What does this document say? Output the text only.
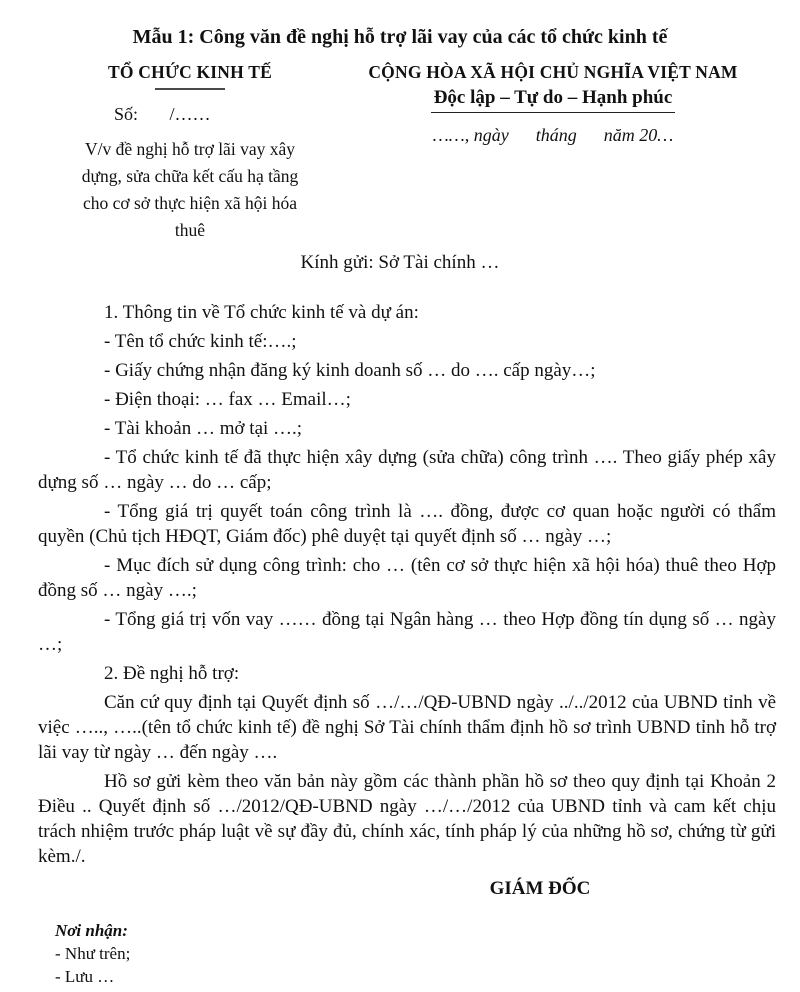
Mẫu 1: Công văn đề nghị hỗ trợ lãi vay của các tổ chức kinh tế
TỔ CHỨC KINH TẾ
Số:       /……
V/v đề nghị hỗ trợ lãi vay xây dựng, sửa chữa kết cấu hạ tầng cho cơ sở thực hiện xã hội hóa thuê
CỘNG HÒA XÃ HỘI CHỦ NGHĨA VIỆT NAM
Độc lập – Tự do – Hạnh phúc
……, ngày      tháng      năm 20…
Kính gửi: Sở Tài chính …

1. Thông tin về Tổ chức kinh tế và dự án:

- Tên tổ chức kinh tế:….;

- Giấy chứng nhận đăng ký kinh doanh số … do …. cấp ngày…;

- Điện thoại: … fax … Email…;

- Tài khoản … mở tại ….;

- Tổ chức kinh tế đã thực hiện xây dựng (sửa chữa) công trình …. Theo giấy phép xây dựng số … ngày … do … cấp;

- Tổng giá trị quyết toán công trình là …. đồng, được cơ quan hoặc người có thẩm quyền (Chủ tịch HĐQT, Giám đốc) phê duyệt tại quyết định số … ngày …;

- Mục đích sử dụng công trình: cho … (tên cơ sở thực hiện xã hội hóa) thuê theo Hợp đồng số … ngày ….;

- Tổng giá trị vốn vay …… đồng tại Ngân hàng … theo Hợp đồng tín dụng số … ngày …;

2. Đề nghị hỗ trợ:

Căn cứ quy định tại Quyết định số …/…/QĐ-UBND ngày ../../2012 của UBND tỉnh về việc ….., …..(tên tổ chức kinh tế) đề nghị Sở Tài chính thẩm định hồ sơ trình UBND tỉnh hỗ trợ lãi vay từ ngày … đến ngày ….

Hồ sơ gửi kèm theo văn bản này gồm các thành phần hồ sơ theo quy định tại Khoản 2 Điều .. Quyết định số …/2012/QĐ-UBND ngày …/…/2012 của UBND tỉnh và cam kết chịu trách nhiệm trước pháp luật về sự đầy đủ, chính xác, tính pháp lý của những hồ sơ, chứng từ gửi kèm./.

GIÁM ĐỐC
Nơi nhận:
- Như trên;
- Lưu …
